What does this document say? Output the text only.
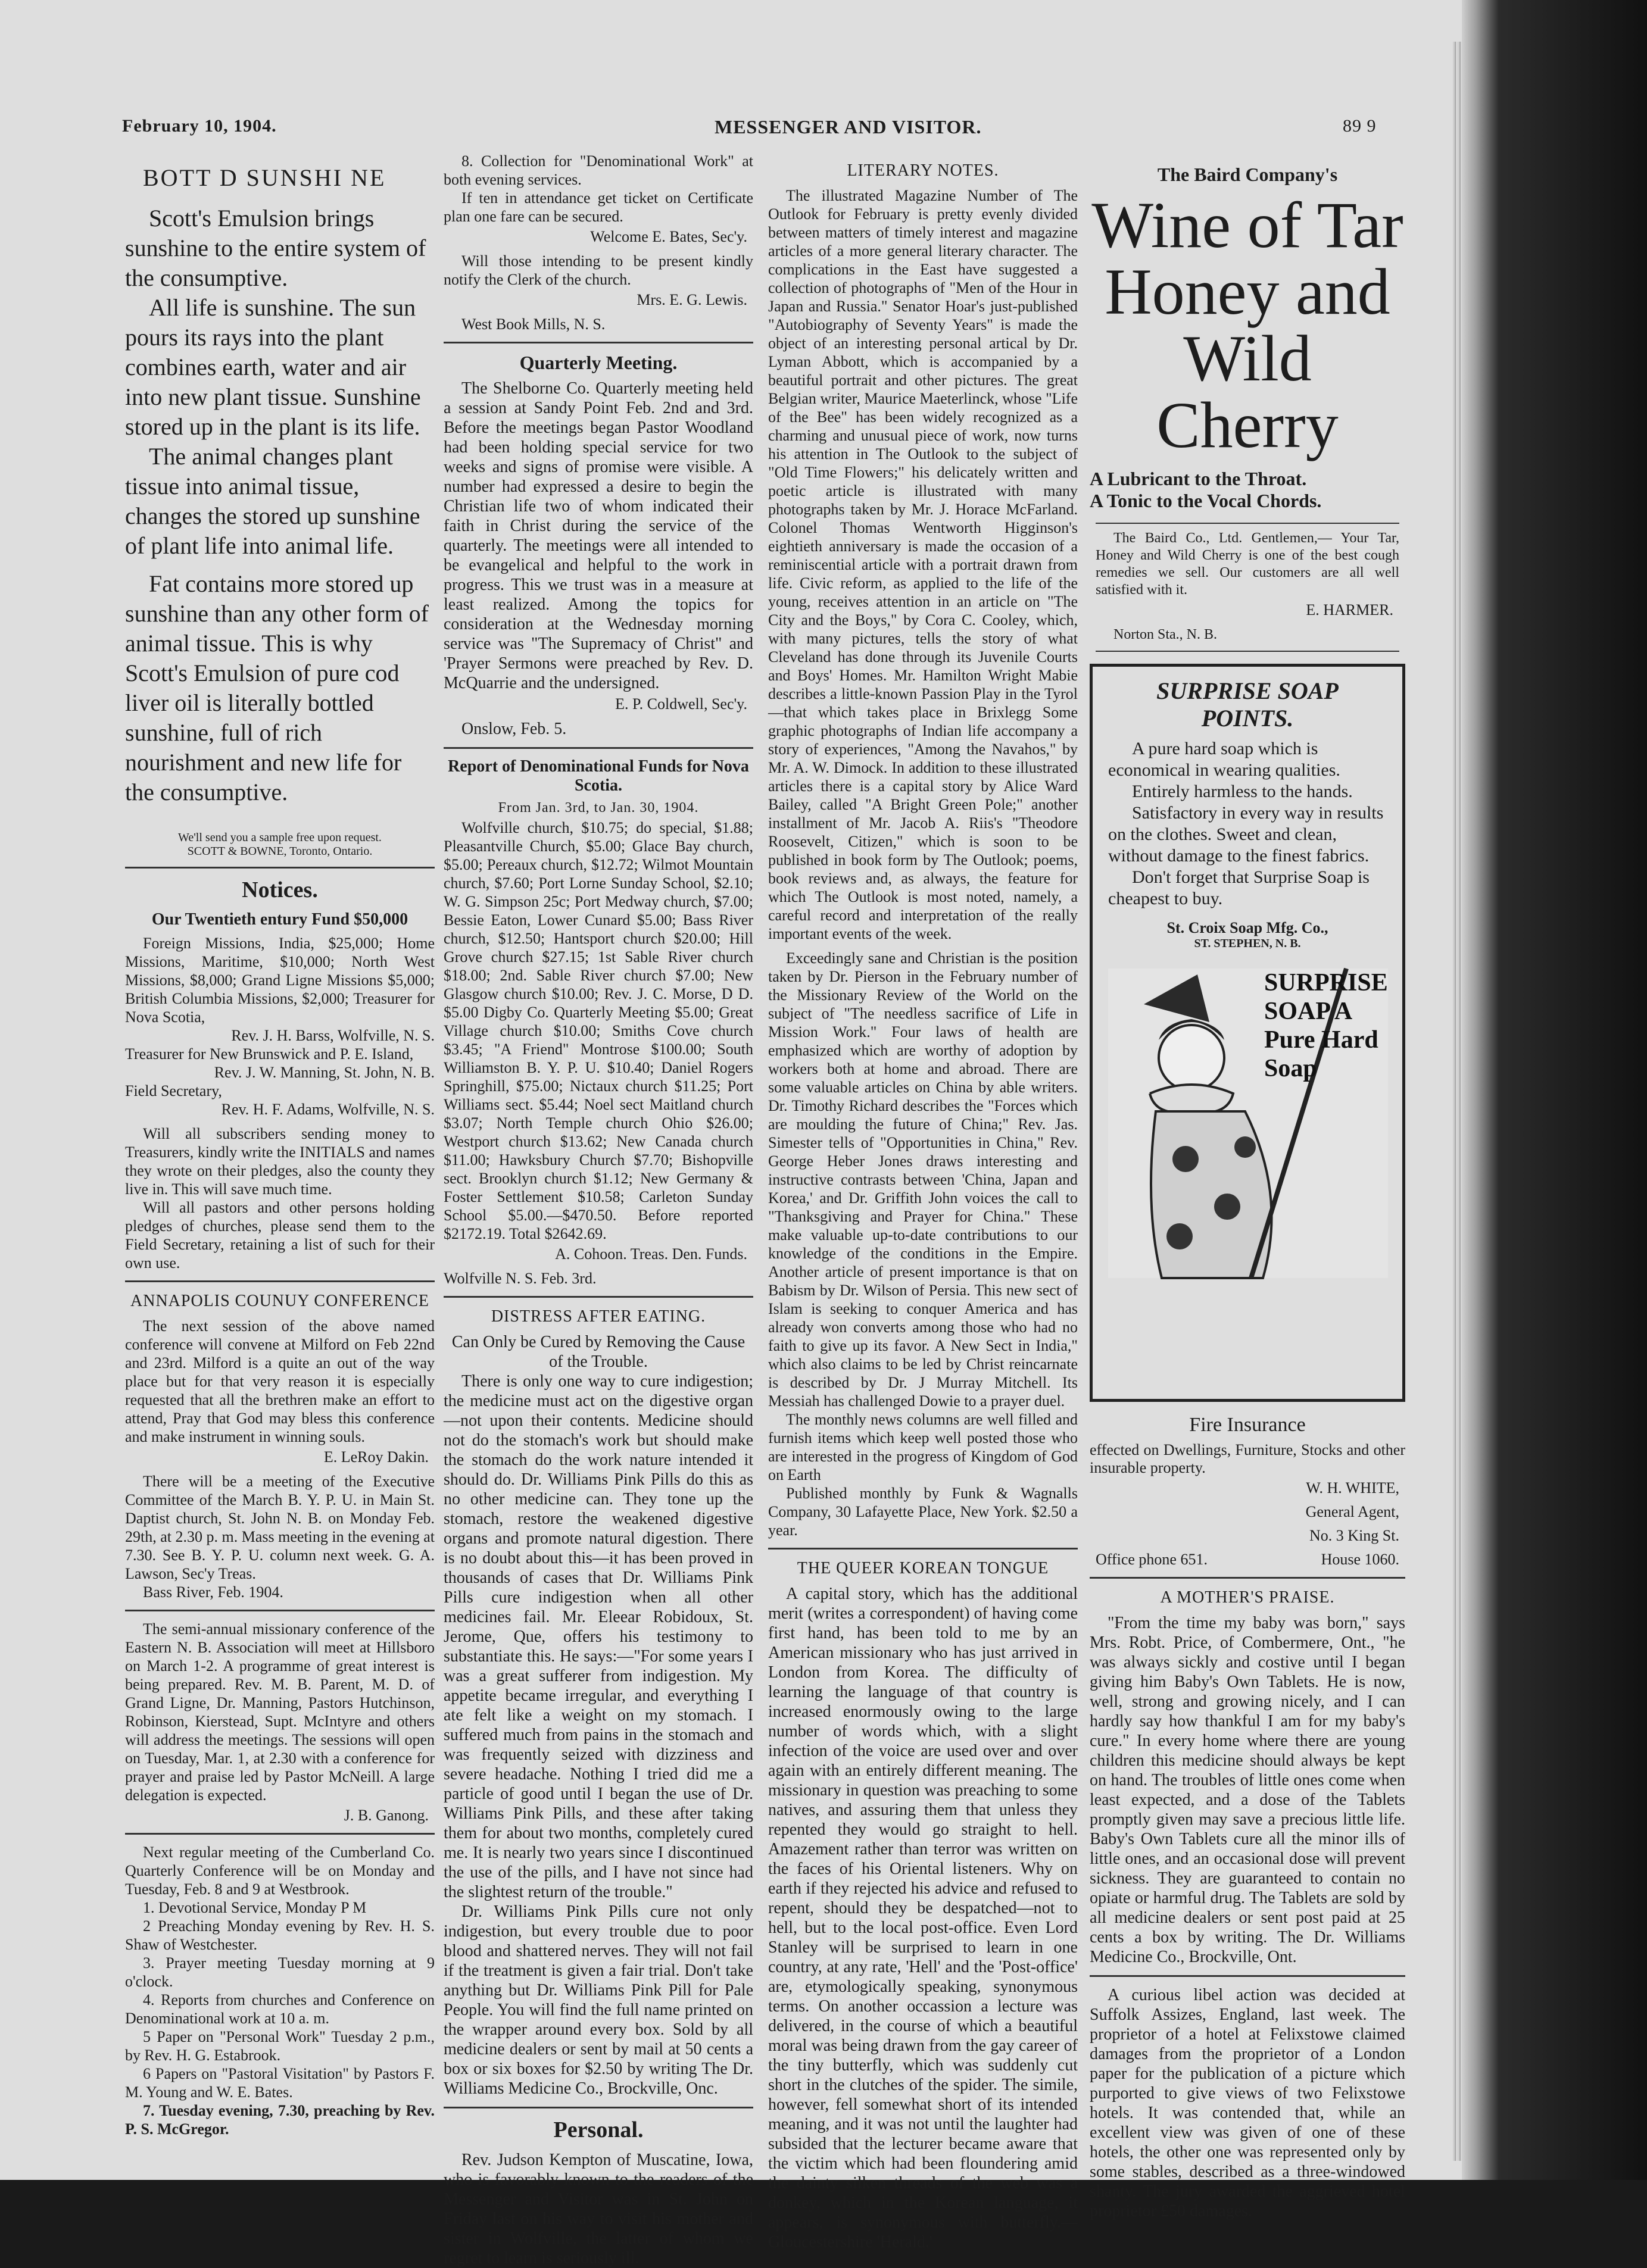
February 10, 1904.	MESSENGER AND VISITOR.	89 9
BOTT D SUNSHI NE

Scott's Emulsion brings sunshine to the entire system of the consumptive.

All life is sunshine. The sun pours its rays into the plant combines earth, water and air into new plant tissue. Sunshine stored up in the plant is its life.

The animal changes plant tissue into animal tissue, changes the stored up sunshine of plant life into animal life.

Fat contains more stored up sunshine than any other form of animal tissue. This is why Scott's Emulsion of pure cod liver oil is literally bottled sunshine, full of rich nourishment and new life for the consumptive.

We'll send you a sample free upon request.
SCOTT & BOWNE, Toronto, Ontario.
Notices.
Our Twentieth entury Fund $50,000

Foreign Missions, India, $25,000; Home Missions, Maritime, $10,000; North West Missions, $8,000; Grand Ligne Missions $5,000; British Columbia Missions, $2,000; Treasurer for Nova Scotia,

Rev. J. H. Barss, Wolfville, N. S.

Treasurer for New Brunswick and P. E. Island,

Rev. J. W. Manning, St. John, N. B.

Field Secretary,

Rev. H. F. Adams, Wolfville, N. S.

Will all subscribers sending money to Treasurers, kindly write the INITIALS and names they wrote on their pledges, also the county they live in. This will save much time.

Will all pastors and other persons holding pledges of churches, please send them to the Field Secretary, retaining a list of such for their own use.

ANNAPOLIS COUNUY CONFERENCE

The next session of the above named conference will convene at Milford on Feb 22nd and 23rd. Milford is a quite an out of the way place but for that very reason it is especially requested that all the brethren make an effort to attend, Pray that God may bless this conference and make instrument in winning souls.

E. LeRoy Dakin.

There will be a meeting of the Executive Committee of the March B. Y. P. U. in Main St. Daptist church, St. John N. B. on Monday Feb. 29th, at 2.30 p. m. Mass meeting in the evening at 7.30. See B. Y. P. U. column next week. G. A. Lawson, Sec'y Treas.

Bass River, Feb. 1904.

The semi-annual missionary conference of the Eastern N. B. Association will meet at Hillsboro on March 1-2. A programme of great interest is being prepared. Rev. M. B. Parent, M. D. of Grand Ligne, Dr. Manning, Pastors Hutchinson, Robinson, Kierstead, Supt. McIntyre and others will address the meetings. The sessions will open on Tuesday, Mar. 1, at 2.30 with a conference for prayer and praise led by Pastor McNeill. A large delegation is expected.

J. B. Ganong.

Next regular meeting of the Cumberland Co. Quarterly Conference will be on Monday and Tuesday, Feb. 8 and 9 at Westbrook.

1. Devotional Service, Monday P M

2 Preaching Monday evening by Rev. H. S. Shaw of Westchester.

3. Prayer meeting Tuesday morning at 9 o'clock.

4. Reports from churches and Conference on Denominational work at 10 a. m.

5 Paper on "Personal Work" Tuesday 2 p.m., by Rev. H. G. Estabrook.

6 Papers on "Pastoral Visitation" by Pastors F. M. Young and W. E. Bates.

7. Tuesday evening, 7.30, preaching by Rev. P. S. McGregor.

8. Collection for "Denominational Work" at both evening services.

If ten in attendance get ticket on Certificate plan one fare can be secured.

Welcome E. Bates, Sec'y.

Will those intending to be present kindly notify the Clerk of the church.

Mrs. E. G. Lewis.

West Book Mills, N. S.

Quarterly Meeting.

The Shelborne Co. Quarterly meeting held a session at Sandy Point Feb. 2nd and 3rd. Before the meetings began Pastor Woodland had been holding special service for two weeks and signs of promise were visible. A number had expressed a desire to begin the Christian life two of whom indicated their faith in Christ during the service of the quarterly. The meetings were all intended to be evangelical and helpful to the work in progress. This we trust was in a measure at least realized. Among the topics for consideration at the Wednesday morning service was "The Supremacy of Christ" and 'Prayer Sermons were preached by Rev. D. McQuarrie and the undersigned.

E. P. Coldwell, Sec'y.

Onslow, Feb. 5.

Report of Denominational Funds for Nova Scotia.
From Jan. 3rd, to Jan. 30, 1904.

Wolfville church, $10.75; do special, $1.88; Pleasantville Church, $5.00; Glace Bay church, $5.00; Pereaux church, $12.72; Wilmot Mountain church, $7.60; Port Lorne Sunday School, $2.10; W. G. Simpson 25c; Port Medway church, $7.00; Bessie Eaton, Lower Cunard $5.00; Bass River church, $12.50; Hantsport church $20.00; Hill Grove church $27.15; 1st Sable River church $18.00; 2nd. Sable River church $7.00; New Glasgow church $10.00; Rev. J. C. Morse, D D. $5.00 Digby Co. Quarterly Meeting $5.00; Great Village church $10.00; Smiths Cove church $3.45; "A Friend" Montrose $100.00; South Williamston B. Y. P. U. $10.40; Daniel Rogers Springhill, $75.00; Nictaux church $11.25; Port Williams sect. $5.44; Noel sect Maitland church $3.07; North Temple church Ohio $26.00; Westport church $13.62; New Canada church $11.00; Hawksbury Church $7.70; Bishopville sect. Brooklyn church $1.12; New Germany & Foster Settlement $10.58; Carleton Sunday School $5.00.—$470.50. Before reported $2172.19. Total $2642.69.

A. Cohoon. Treas. Den. Funds.

Wolfville N. S. Feb. 3rd.

DISTRESS AFTER EATING.

Can Only be Cured by Removing the Cause of the Trouble.

There is only one way to cure indigestion; the medicine must act on the digestive organ—not upon their contents. Medicine should not do the stomach's work but should make the stomach do the work nature intended it should do. Dr. Williams Pink Pills do this as no other medicine can. They tone up the stomach, restore the weakened digestive organs and promote natural digestion. There is no doubt about this—it has been proved in thousands of cases that Dr. Williams Pink Pills cure indigestion when all other medicines fail. Mr. Eleear Robidoux, St. Jerome, Que, offers his testimony to substantiate this. He says:—"For some years I was a great sufferer from indigestion. My appetite became irregular, and everything I ate felt like a weight on my stomach. I suffered much from pains in the stomach and was frequently seized with dizziness and severe headache. Nothing I tried did me a particle of good until I began the use of Dr. Williams Pink Pills, and these after taking them for about two months, completely cured me. It is nearly two years since I discontinued the use of the pills, and I have not since had the slightest return of the trouble."

Dr. Williams Pink Pills cure not only indigestion, but every trouble due to poor blood and shattered nerves. They will not fail if the treatment is given a fair trial. Don't take anything but Dr. Williams Pink Pill for Pale People. You will find the full name printed on the wrapper around every box. Sold by all medicine dealers or sent by mail at 50 cents a box or six boxes for $2.50 by writing The Dr. Williams Medicine Co., Brockville, Onc.

Personal.

Rev. Judson Kempton of Muscatine, Iowa, who is favorably known to the readers of the Messenger and Visitor was in St. John on Friday last on his way to visit his mother and sister in Wolfville, the latter of whom we regret to learn is seriously ill.

LITERARY NOTES.

The illustrated Magazine Number of The Outlook for February is pretty evenly divided between matters of timely interest and magazine articles of a more general literary character. The complications in the East have suggested a collection of photographs of "Men of the Hour in Japan and Russia." Senator Hoar's just-published "Autobiography of Seventy Years" is made the object of an interesting personal artical by Dr. Lyman Abbott, which is accompanied by a beautiful portrait and other pictures. The great Belgian writer, Maurice Maeterlinck, whose "Life of the Bee" has been widely recognized as a charming and unusual piece of work, now turns his attention in The Outlook to the subject of "Old Time Flowers;" his delicately written and poetic article is illustrated with many photographs taken by Mr. J. Horace McFarland. Colonel Thomas Wentworth Higginson's eightieth anniversary is made the occasion of a reminiscential article with a portrait drawn from life. Civic reform, as applied to the life of the young, receives attention in an article on "The City and the Boys," by Cora C. Cooley, which, with many pictures, tells the story of what Cleveland has done through its Juvenile Courts and Boys' Homes. Mr. Hamilton Wright Mabie describes a little-known Passion Play in the Tyrol—that which takes place in Brixlegg Some graphic photographs of Indian life accompany a story of experiences, "Among the Navahos," by Mr. A. W. Dimock. In addition to these illustrated articles there is a capital story by Alice Ward Bailey, called "A Bright Green Pole;" another installment of Mr. Jacob A. Riis's "Theodore Roosevelt, Citizen," which is soon to be published in book form by The Outlook; poems, book reviews and, as always, the feature for which The Outlook is most noted, namely, a careful record and interpretation of the really important events of the week.

Exceedingly sane and Christian is the position taken by Dr. Pierson in the February number of the Missionary Review of the World on the subject of "The needless sacrifice of Life in Mission Work." Four laws of health are emphasized which are worthy of adoption by workers both at home and abroad. There are some valuable articles on China by able writers. Dr. Timothy Richard describes the "Forces which are moulding the future of China;" Rev. Jas. Simester tells of "Opportunities in China," Rev. George Heber Jones draws interesting and instructive contrasts between 'China, Japan and Korea,' and Dr. Griffith John voices the call to "Thanksgiving and Prayer for China." These make valuable up-to-date contributions to our knowledge of the conditions in the Empire. Another article of present importance is that on Babism by Dr. Wilson of Persia. This new sect of Islam is seeking to conquer America and has already won converts among those who had no faith to give up its favor. A New Sect in India," which also claims to be led by Christ reincarnate is described by Dr. J Murray Mitchell. Its Messiah has challenged Dowie to a prayer duel.

The monthly news columns are well filled and furnish items which keep well posted those who are interested in the progress of Kingdom of God on Earth

Published monthly by Funk & Wagnalls Company, 30 Lafayette Place, New York. $2.50 a year.

THE QUEER KOREAN TONGUE

A capital story, which has the additional merit (writes a correspondent) of having come first hand, has been told to me by an American missionary who has just arrived in London from Korea. The difficulty of learning the language of that country is increased enormously owing to the large number of words which, with a slight infection of the voice are used over and over again with an entirely different meaning. The missionary in question was preaching to some natives, and assuring them that unless they repented they would go straight to hell. Amazement rather than terror was written on the faces of his Oriental listeners. Why on earth if they rejected his advice and refused to repent, should they be despatched—not to hell, but to the local post-office. Even Lord Stanley will be surprised to learn in one country, at any rate, 'Hell' and the 'Post-office' are, etymologically speaking, synonymous terms. On another occassion a lecture was delivered, in the course of which a beautiful moral was being drawn from the gay career of the tiny butterfly, which was suddenly cut short in the clutches of the spider. The simile, however, fell somewhat short of its intended meaning, and it was not until the laughter had subsided that the lecturer became aware that the victim which had been floundering amid the dainty silken threads of the web was a donkey, which in the Korean language, it appears, is synonymous with butterfly.—Gloucestershire 'Herald.'

The Baird Company's
Wine of Tar Honey and Wild Cherry
A Lubricant to the Throat.
A Tonic to the Vocal Chords.

The Baird Co., Ltd. Gentlemen,— Your Tar, Honey and Wild Cherry is one of the best cough remedies we sell. Our customers are all well satisfied with it.

E. HARMER.

Norton Sta., N. B.

SURPRISE SOAP POINTS.

A pure hard soap which is economical in wearing qualities.

Entirely harmless to the hands.

Satisfactory in every way in results on the clothes. Sweet and clean, without damage to the finest fabrics.

Don't forget that Surprise Soap is cheapest to buy.

St. Croix Soap Mfg. Co.,
ST. STEPHEN, N. B.
SURPRISE SOAP A Pure Hard Soap
Fire Insurance

effected on Dwellings, Furniture, Stocks and other insurable property.

W. H. WHITE,
General Agent,
No. 3 King St.
Office phone 651.	House 1060.
A MOTHER'S PRAISE.

"From the time my baby was born," says Mrs. Robt. Price, of Combermere, Ont., "he was always sickly and costive until I began giving him Baby's Own Tablets. He is now, well, strong and growing nicely, and I can hardly say how thankful I am for my baby's cure." In every home where there are young children this medicine should always be kept on hand. The troubles of little ones come when least expected, and a dose of the Tablets promptly given may save a precious little life. Baby's Own Tablets cure all the minor ills of little ones, and an occasional dose will prevent sickness. They are guaranteed to contain no opiate or harmful drug. The Tablets are sold by all medicine dealers or sent post paid at 25 cents a box by writing. The Dr. Williams Medicine Co., Brockville, Ont.

A curious libel action was decided at Suffolk Assizes, England, last week. The proprietor of a hotel at Felixstowe claimed damages from the proprietor of a London paper for the publication of a picture which purported to give views of two Felixstowe hotels. It was contended that, while an excellent view was given of one of these hotels, the other one was represented only by some stables, described as a three-windowed shanty. The jury awarded the aggrieved hotel proprietor £50 damages.
